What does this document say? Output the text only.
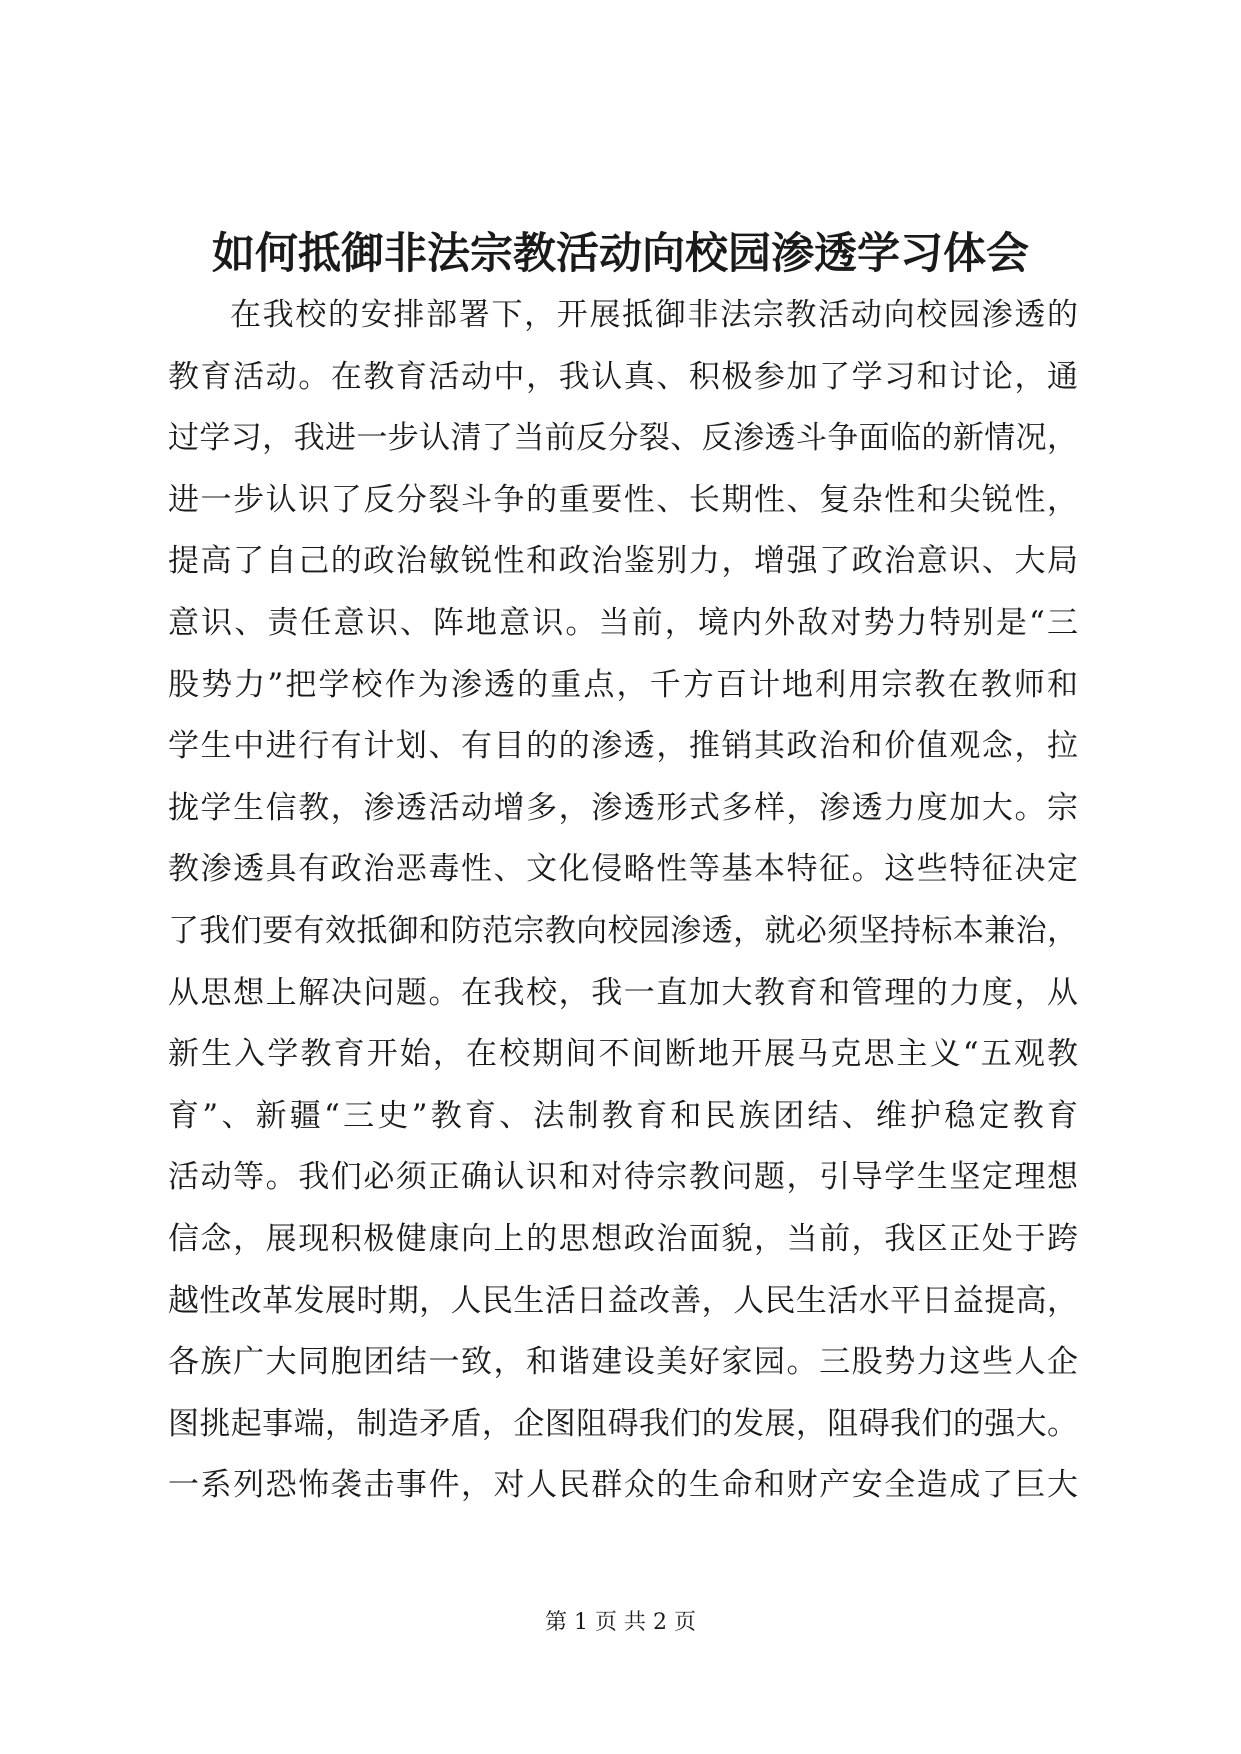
如何抵御非法宗教活动向校园渗透学习体会
在我校的安排部署下，开展抵御非法宗教活动向校园渗透的
教育活动。在教育活动中，我认真、积极参加了学习和讨论，通
过学习，我进一步认清了当前反分裂、反渗透斗争面临的新情况，
进一步认识了反分裂斗争的重要性、长期性、复杂性和尖锐性，
提高了自己的政治敏锐性和政治鉴别力，增强了政治意识、大局
意识、责任意识、阵地意识。当前，境内外敌对势力特别是“三
股势力”把学校作为渗透的重点，千方百计地利用宗教在教师和
学生中进行有计划、有目的的渗透，推销其政治和价值观念，拉
拢学生信教，渗透活动增多，渗透形式多样，渗透力度加大。宗
教渗透具有政治恶毒性、文化侵略性等基本特征。这些特征决定
了我们要有效抵御和防范宗教向校园渗透，就必须坚持标本兼治，
从思想上解决问题。在我校，我一直加大教育和管理的力度，从
新生入学教育开始，在校期间不间断地开展马克思主义“五观教
育”、新疆“三史”教育、法制教育和民族团结、维护稳定教育
活动等。我们必须正确认识和对待宗教问题，引导学生坚定理想
信念，展现积极健康向上的思想政治面貌，当前，我区正处于跨
越性改革发展时期，人民生活日益改善，人民生活水平日益提高，
各族广大同胞团结一致，和谐建设美好家园。三股势力这些人企
图挑起事端，制造矛盾，企图阻碍我们的发展，阻碍我们的强大。
一系列恐怖袭击事件，对人民群众的生命和财产安全造成了巨大
第 1 页 共 2 页
